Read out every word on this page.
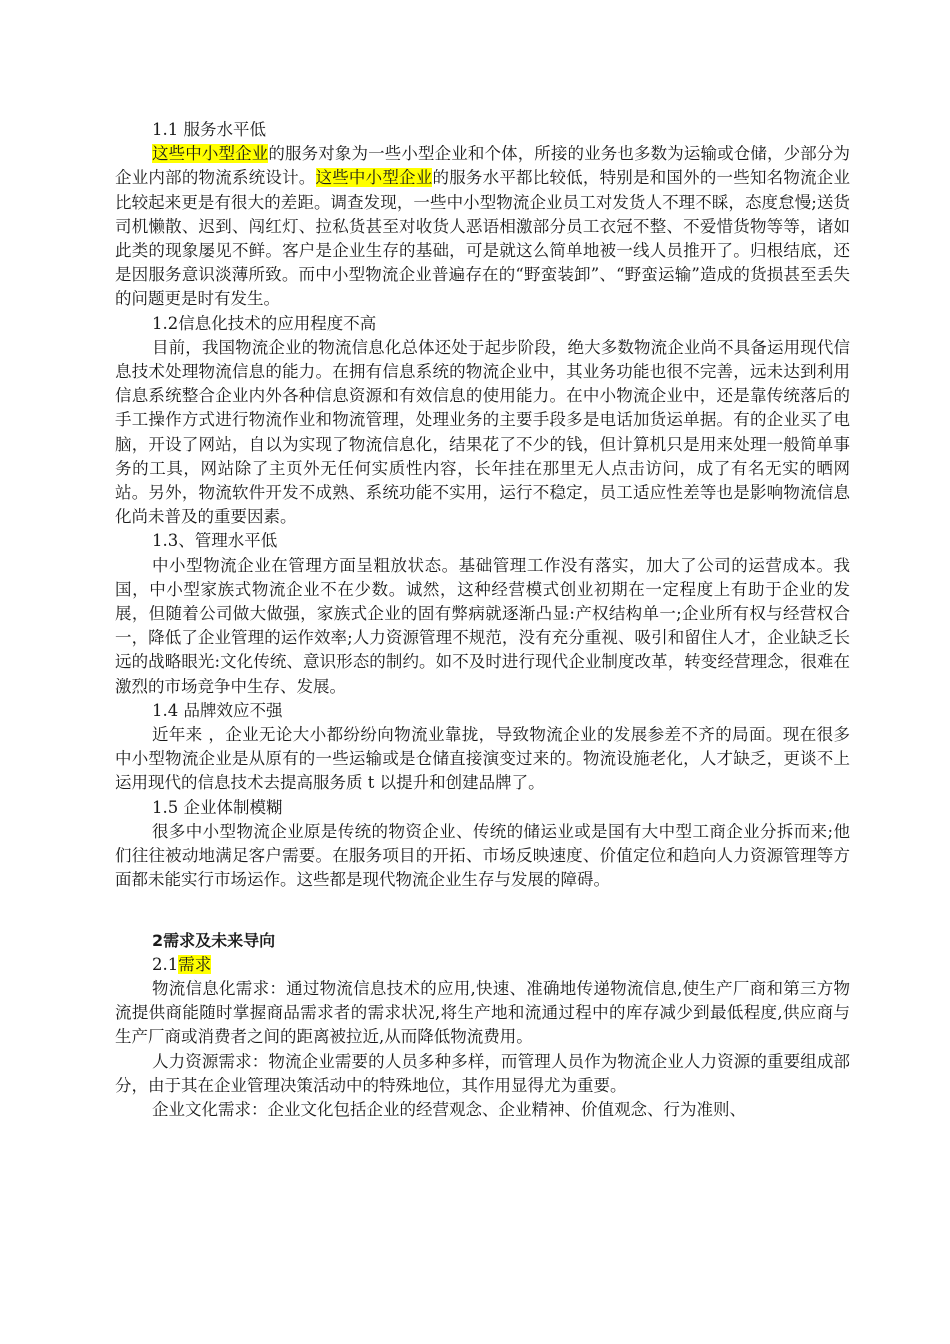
1.1 服务水平低

这些中小型企业的服务对象为一些小型企业和个体，所接的业务也多数为运输或仓储，少部分为企业内部的物流系统设计。这些中小型企业的服务水平都比较低，特别是和国外的一些知名物流企业比较起来更是有很大的差距。调查发现，一些中小型物流企业员工对发货人不理不睬，态度怠慢;送货司机懒散、迟到、闯红灯、拉私货甚至对收货人恶语相激部分员工衣冠不整、不爱惜货物等等，诸如此类的现象屡见不鲜。客户是企业生存的基础，可是就这么简单地被一线人员推开了。归根结底，还是因服务意识淡薄所致。而中小型物流企业普遍存在的“野蛮装卸”、“野蛮运输”造成的货损甚至丢失的问题更是时有发生。

1.2信息化技术的应用程度不高

目前，我国物流企业的物流信息化总体还处于起步阶段，绝大多数物流企业尚不具备运用现代信息技术处理物流信息的能力。在拥有信息系统的物流企业中，其业务功能也很不完善，远未达到利用信息系统整合企业内外各种信息资源和有效信息的使用能力。在中小物流企业中，还是靠传统落后的手工操作方式进行物流作业和物流管理，处理业务的主要手段多是电话加货运单据。有的企业买了电脑，开设了网站，自以为实现了物流信息化，结果花了不少的钱，但计算机只是用来处理一般简单事务的工具，网站除了主页外无任何实质性内容，长年挂在那里无人点击访问，成了有名无实的晒网站。另外，物流软件开发不成熟、系统功能不实用，运行不稳定，员工适应性差等也是影响物流信息化尚未普及的重要因素。

1.3、管理水平低

中小型物流企业在管理方面呈粗放状态。基础管理工作没有落实，加大了公司的运营成本。我国，中小型家族式物流企业不在少数。诚然，这种经营模式创业初期在一定程度上有助于企业的发展，但随着公司做大做强，家族式企业的固有弊病就逐渐凸显:产权结构单一;企业所有权与经营权合一，降低了企业管理的运作效率;人力资源管理不规范，没有充分重视、吸引和留住人才，企业缺乏长远的战略眼光:文化传统、意识形态的制约。如不及时进行现代企业制度改革，转变经营理念，很难在激烈的市场竞争中生存、发展。

1.4 品牌效应不强

近年来 ，企业无论大小都纷纷向物流业靠拢，导致物流企业的发展参差不齐的局面。现在很多中小型物流企业是从原有的一些运输或是仓储直接演变过来的。物流设施老化，人才缺乏，更谈不上运用现代的信息技术去提高服务质 t 以提升和创建品牌了。

1.5 企业体制模糊

很多中小型物流企业原是传统的物资企业、传统的储运业或是国有大中型工商企业分拆而来;他们往往被动地满足客户需要。在服务项目的开拓、市场反映速度、价值定位和趋向人力资源管理等方面都未能实行市场运作。这些都是现代物流企业生存与发展的障碍。

2需求及未来导向

2.1需求

物流信息化需求：通过物流信息技术的应用,快速、准确地传递物流信息,使生产厂商和第三方物流提供商能随时掌握商品需求者的需求状况,将生产地和流通过程中的库存减少到最低程度,供应商与生产厂商或消费者之间的距离被拉近,从而降低物流费用。

人力资源需求：物流企业需要的人员多种多样，而管理人员作为物流企业人力资源的重要组成部分，由于其在企业管理决策活动中的特殊地位，其作用显得尤为重要。

企业文化需求：企业文化包括企业的经营观念、企业精神、价值观念、行为准则、
